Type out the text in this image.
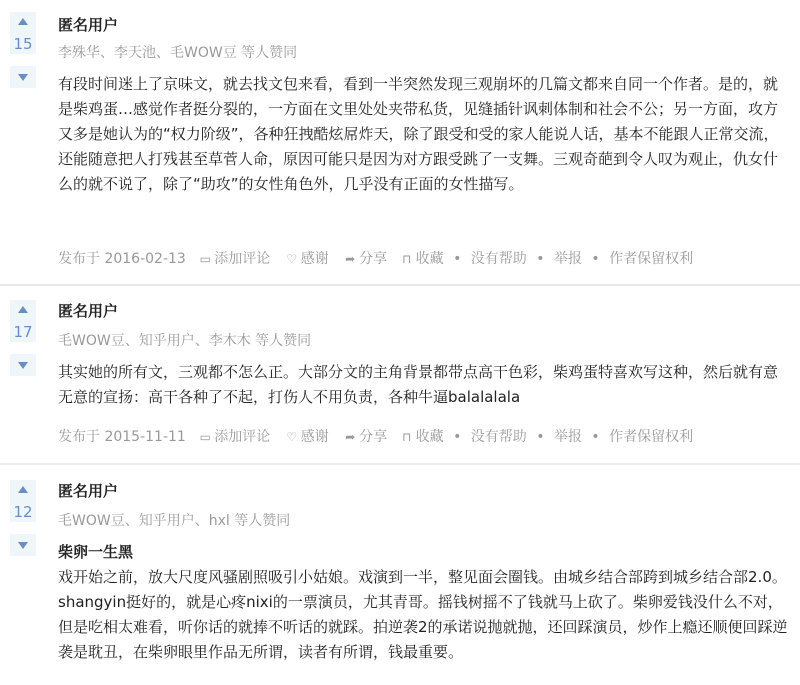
15
匿名用户
李殊华、李天池、毛WOW豆 等人赞同

有段时间迷上了京味文，就去找文包来看，看到一半突然发现三观崩坏的几篇文都来自同一个作者。是的，就是柴鸡蛋…感觉作者挺分裂的，一方面在文里处处夹带私货，见缝插针讽刺体制和社会不公；另一方面，攻方又多是她认为的“权力阶级”，各种狂拽酷炫屌炸天，除了跟受和受的家人能说人话，基本不能跟人正常交流，还能随意把人打残甚至草菅人命，原因可能只是因为对方跟受跳了一支舞。三观奇葩到令人叹为观止，仇女什么的就不说了，除了“助攻”的女性角色外，几乎没有正面的女性描写。

发布于 2016-02-13 ▭ 添加评论 ♡ 感谢 ➦ 分享 ⊓ 收藏 • 没有帮助 • 举报 • 作者保留权利
17
匿名用户
毛WOW豆、知乎用户、李木木 等人赞同

其实她的所有文，三观都不怎么正。大部分文的主角背景都带点高干色彩，柴鸡蛋特喜欢写这种，然后就有意无意的宣扬：高干各种了不起，打伤人不用负责，各种牛逼balalalala

发布于 2015-11-11 ▭ 添加评论 ♡ 感谢 ➦ 分享 ⊓ 收藏 • 没有帮助 • 举报 • 作者保留权利
12
匿名用户
毛WOW豆、知乎用户、hxl 等人赞同

柴卵一生黑

戏开始之前，放大尺度风骚剧照吸引小姑娘。戏演到一半，整见面会圈钱。由城乡结合部跨到城乡结合部2.0。shangyin挺好的，就是心疼nixi的一票演员，尤其青哥。摇钱树摇不了钱就马上砍了。柴卵爱钱没什么不对，但是吃相太难看，听你话的就捧不听话的就踩。拍逆袭2的承诺说抛就抛，还回踩演员，炒作上瘾还顺便回踩逆袭是耽丑，在柴卵眼里作品无所谓，读者有所谓，钱最重要。
